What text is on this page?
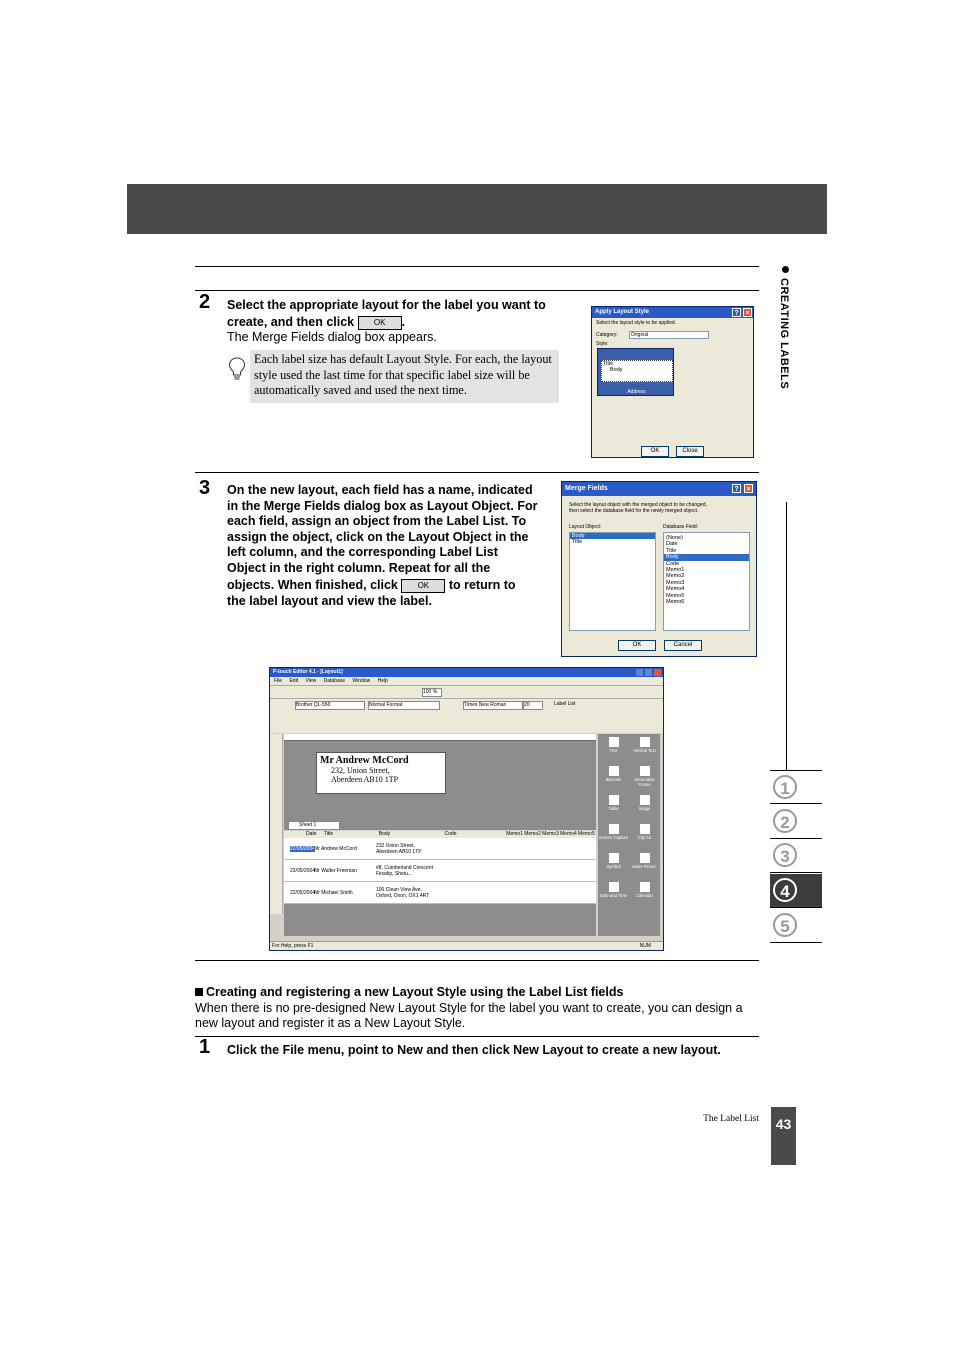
CREATING LABELS
1
2
3
4
5
2 Select the appropriate layout for the label you want to
create, and then click OK .
The Merge Fields dialog box appears.
Each label size has default Layout Style. For each, the layout style used the last time for that specific label size will be automatically saved and used the next time.
Apply Layout Style	? ×
Select the layout style to be applied.
Category:	Original
Style:
Title
Body
Address
OK	Close
3 On the new layout, each field has a name, indicated
in the Merge Fields dialog box as Layout Object. For
each field, assign an object from the Label List. To
assign the object, click on the Layout Object in the
left column, and the corresponding Label List
Object in the right column. Repeat for all the
objects. When finished, click OK to return to
the label layout and view the label.
Merge Fields	?	×
Select the layout object with the merged object to be changed,
then select the database field for the newly merged object.
Layout Object:
Body
Title
Database Field:
(None)
Date
Title
Body
Code
Memo1
Memo2
Memo3
Memo4
Memo5
Memo6
OK	Cancel
P-touch Editor 4.1 - [Layout1]
File Edit View Database Window Help
100 %
Brother QL-550	Normal Format	Times New Roman	20	Label List
Mr Andrew McCord
232, Union Street,
Aberdeen AB10 1TP
Sheet 1
Date	Title	Body	Code	Memo1 Memo2 Memo3 Memo4 Memo5
22/05/2004
Mr Andrew McCord	232 Union Street,
Aberdeen AB10 1TP
22/05/2004
Mr Walter Freeman	#8, Cumberland Crescent
Finsdip, Shetu...
22/05/2004
Mr Michael Smith	100 Clean View Ave,
Oxford, Oxon, OX1 4RT
Text	Vertical Text
Barcode	Decorative Frame
Table	Image
Screen Capture	Clip Art
Symbol	Make Picture
Date and Time	Calendar
For Help, press F1	NUM
Creating and registering a new Layout Style using the Label List fields
When there is no pre-designed New Layout Style for the label you want to create, you can design a new layout and register it as a New Layout Style.
1 Click the File menu, point to New and then click New Layout to create a new layout.
The Label List	43
